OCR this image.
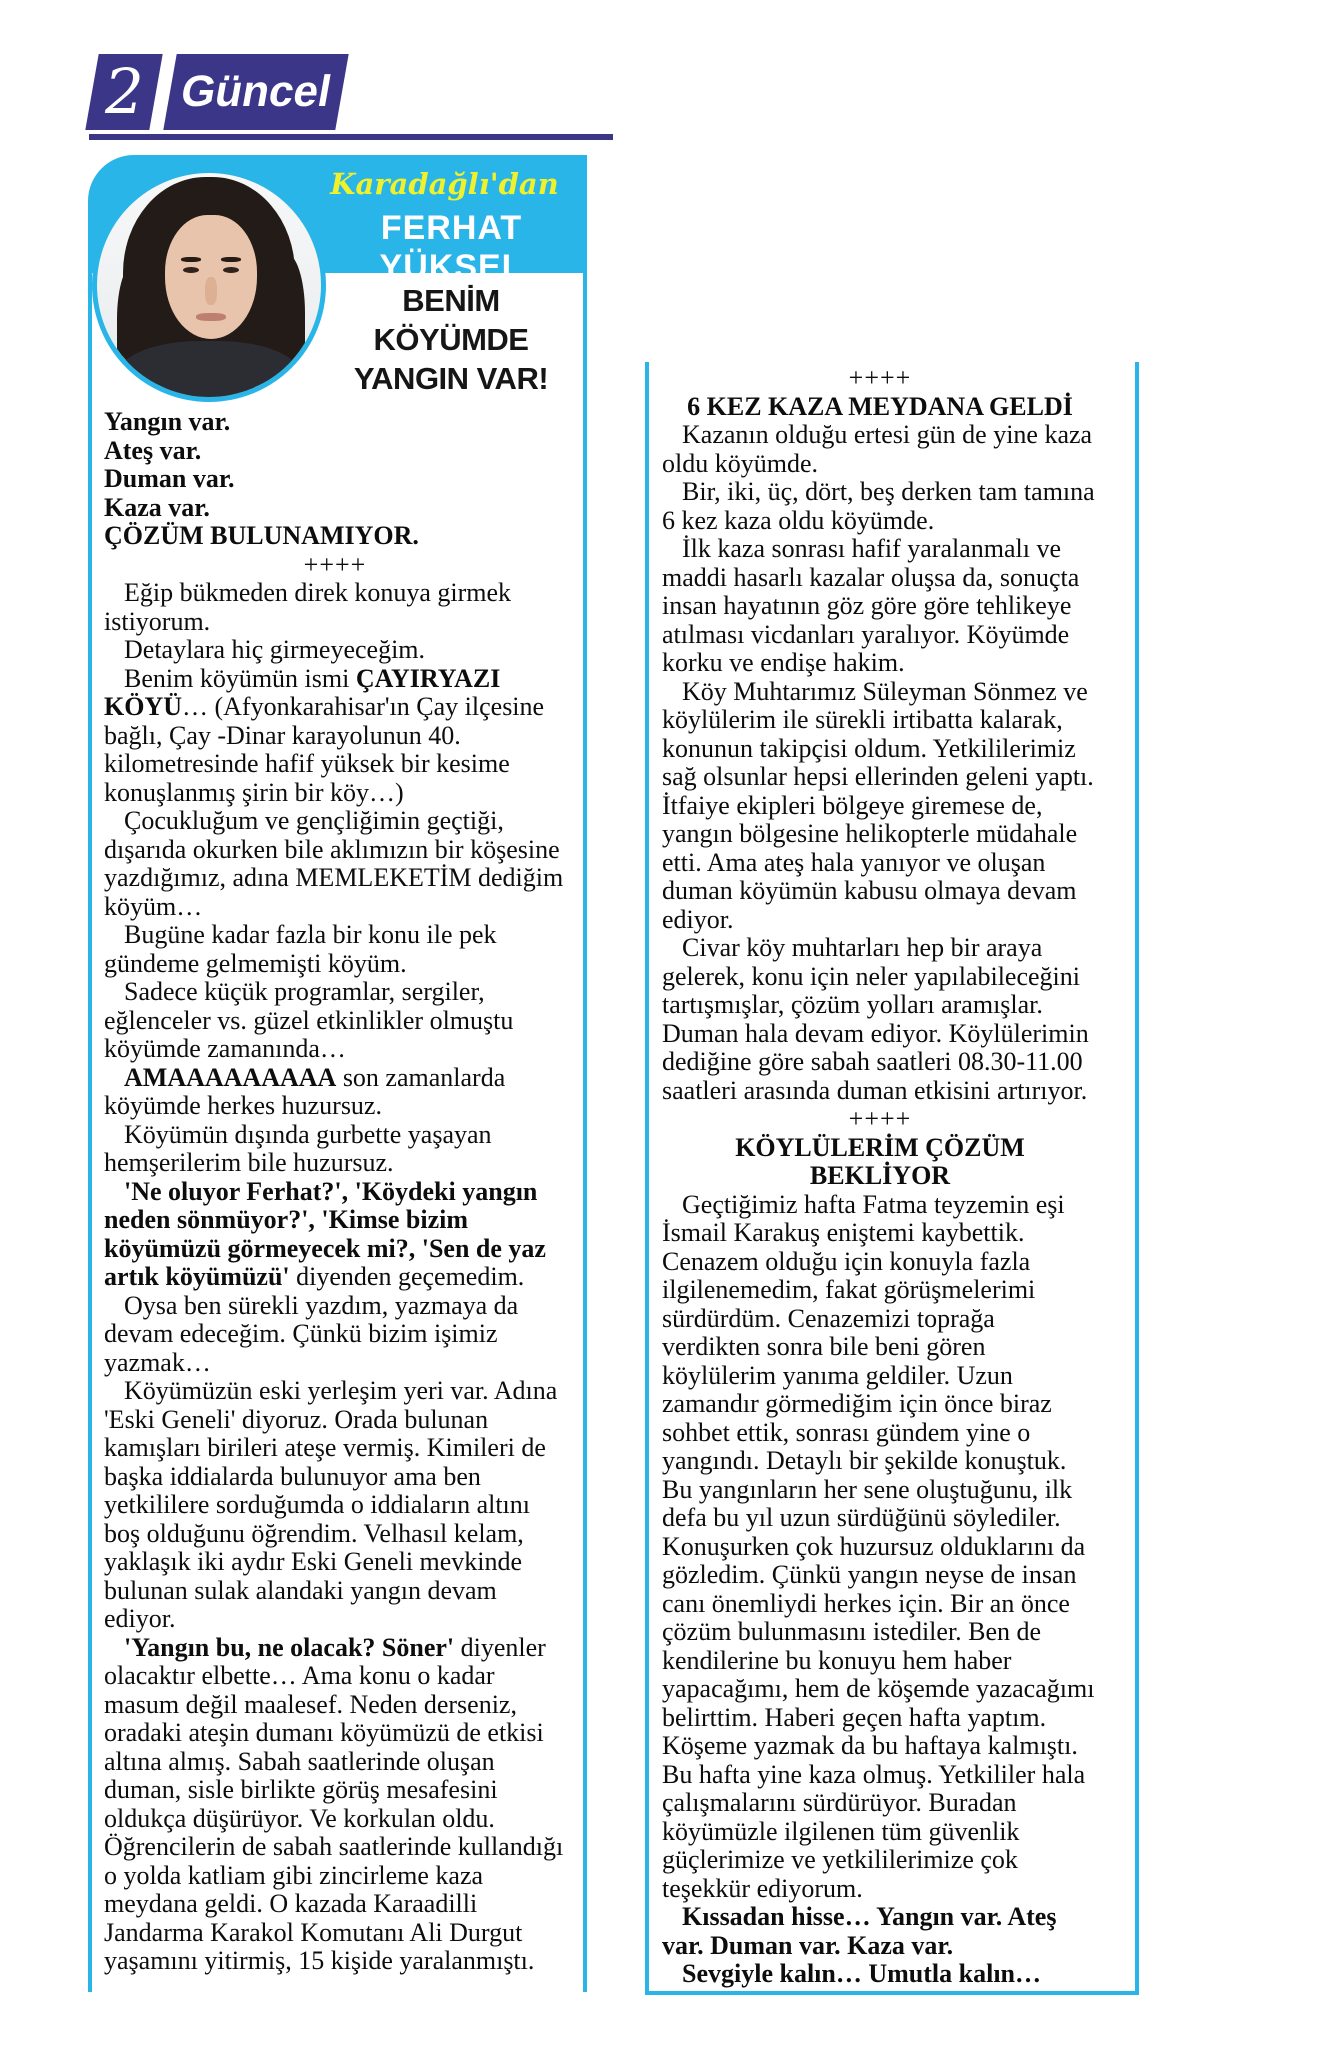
2 Güncel
Karadağlı'dan
FERHAT YÜKSEL
BENİM KÖYÜMDE
YANGIN VAR!

Yangın var.

Ateş var.

Duman var.

Kaza var.

ÇÖZÜM BULUNAMIYOR.

++++

Eğip bükmeden direk konuya girmek istiyorum.

Detaylara hiç girmeyeceğim.

Benim köyümün ismi ÇAYIRYAZI KÖYÜ… (Afyonkarahisar'ın Çay ilçesine bağlı, Çay -Dinar karayolunun 40. kilometresinde hafif yüksek bir kesime konuşlanmış şirin bir köy…)

Çocukluğum ve gençliğimin geçtiği, dışarıda okurken bile aklımızın bir köşesine yazdığımız, adına MEMLEKETİM dediğim köyüm…

Bugüne kadar fazla bir konu ile pek gündeme gelmemişti köyüm.

Sadece küçük programlar, sergiler, eğlenceler vs. güzel etkinlikler olmuştu köyümde zamanında…

AMAAAAAAAAA son zamanlarda köyümde herkes huzursuz.

Köyümün dışında gurbette yaşayan hemşerilerim bile huzursuz.

'Ne oluyor Ferhat?', 'Köydeki yangın neden sönmüyor?', 'Kimse bizim köyümüzü görmeyecek mi?, 'Sen de yaz artık köyümüzü' diyenden geçemedim.

Oysa ben sürekli yazdım, yazmaya da devam edeceğim. Çünkü bizim işimiz yazmak…

Köyümüzün eski yerleşim yeri var. Adına 'Eski Geneli' diyoruz. Orada bulunan kamışları birileri ateşe vermiş. Kimileri de başka iddialarda bulunuyor ama ben yetkililere sorduğumda o iddiaların altını boş olduğunu öğrendim. Velhasıl kelam, yaklaşık iki aydır Eski Geneli mevkinde bulunan sulak alandaki yangın devam ediyor.

'Yangın bu, ne olacak? Söner' diyenler olacaktır elbette… Ama konu o kadar masum değil maalesef. Neden derseniz, oradaki ateşin dumanı köyümüzü de etkisi altına almış. Sabah saatlerinde oluşan duman, sisle birlikte görüş mesafesini oldukça düşürüyor. Ve korkulan oldu. Öğrencilerin de sabah saatlerinde kullandığı o yolda katliam gibi zincirleme kaza meydana geldi. O kazada Karaadilli Jandarma Karakol Komutanı Ali Durgut yaşamını yitirmiş, 15 kişide yaralanmıştı.

++++

6 KEZ KAZA MEYDANA GELDİ

Kazanın olduğu ertesi gün de yine kaza oldu köyümde.

Bir, iki, üç, dört, beş derken tam tamına 6 kez kaza oldu köyümde.

İlk kaza sonrası hafif yaralanmalı ve maddi hasarlı kazalar oluşsa da, sonuçta insan hayatının göz göre göre tehlikeye atılması vicdanları yaralıyor. Köyümde korku ve endişe hakim.

Köy Muhtarımız Süleyman Sönmez ve köylülerim ile sürekli irtibatta kalarak, konunun takipçisi oldum. Yetkililerimiz sağ olsunlar hepsi ellerinden geleni yaptı. İtfaiye ekipleri bölgeye giremese de, yangın bölgesine helikopterle müdahale etti. Ama ateş hala yanıyor ve oluşan duman köyümün kabusu olmaya devam ediyor.

Civar köy muhtarları hep bir araya gelerek, konu için neler yapılabileceğini tartışmışlar, çözüm yolları aramışlar. Duman hala devam ediyor. Köylülerimin dediğine göre sabah saatleri 08.30-11.00 saatleri arasında duman etkisini artırıyor.

++++

KÖYLÜLERİM ÇÖZÜM BEKLİYOR

Geçtiğimiz hafta Fatma teyzemin eşi İsmail Karakuş eniştemi kaybettik. Cenazem olduğu için konuyla fazla ilgilenemedim, fakat görüşmelerimi sürdürdüm. Cenazemizi toprağa verdikten sonra bile beni gören köylülerim yanıma geldiler. Uzun zamandır görmediğim için önce biraz sohbet ettik, sonrası gündem yine o yangındı. Detaylı bir şekilde konuştuk. Bu yangınların her sene oluştuğunu, ilk defa bu yıl uzun sürdüğünü söylediler. Konuşurken çok huzursuz olduklarını da gözledim. Çünkü yangın neyse de insan canı önemliydi herkes için. Bir an önce çözüm bulunmasını istediler. Ben de kendilerine bu konuyu hem haber yapacağımı, hem de köşemde yazacağımı belirttim. Haberi geçen hafta yaptım. Köşeme yazmak da bu haftaya kalmıştı. Bu hafta yine kaza olmuş. Yetkililer hala çalışmalarını sürdürüyor. Buradan köyümüzle ilgilenen tüm güvenlik güçlerimize ve yetkililerimize çok teşekkür ediyorum.

Kıssadan hisse… Yangın var. Ateş var. Duman var. Kaza var.

Sevgiyle kalın… Umutla kalın…
